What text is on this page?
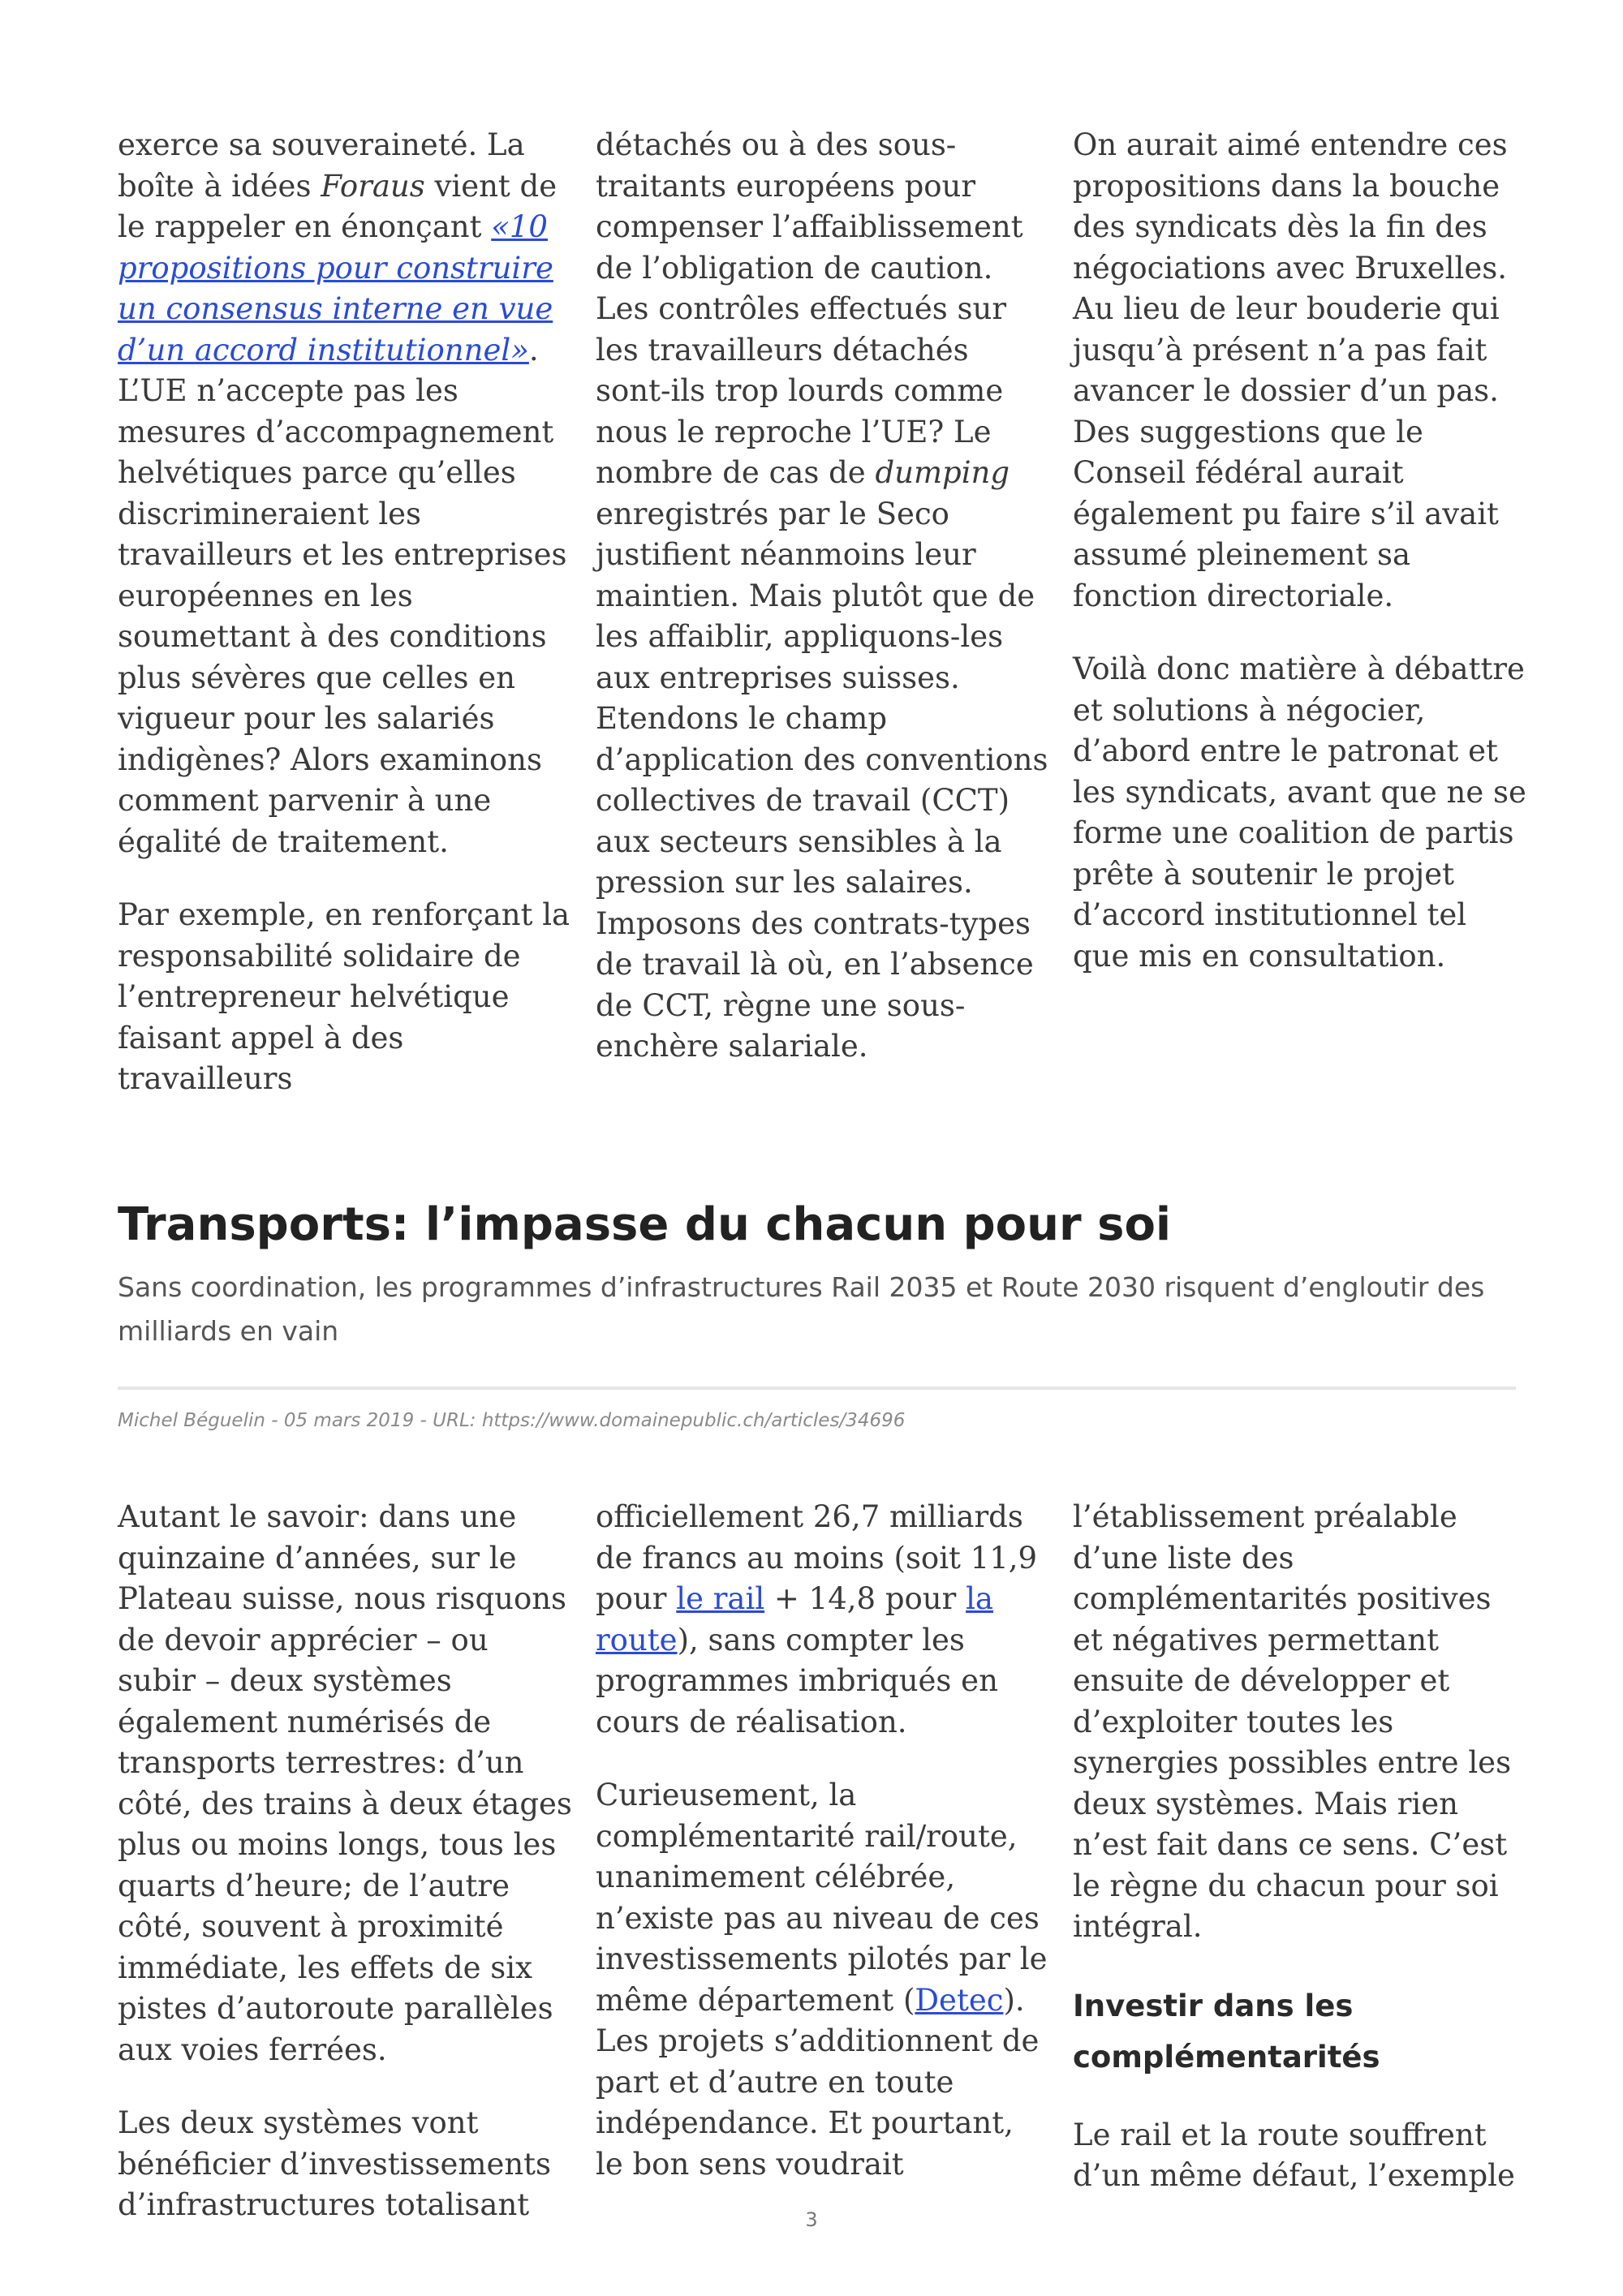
exerce sa souveraineté. La boîte à idées Foraus vient de le rappeler en énonçant «10 propositions pour construire un consensus interne en vue d’un accord institutionnel». L’UE n’accepte pas les mesures d’accompagnement helvétiques parce qu’elles discrimineraient les travailleurs et les entreprises européennes en les soumettant à des conditions plus sévères que celles en vigueur pour les salariés indigènes? Alors examinons comment parvenir à une égalité de traitement.

Par exemple, en renforçant la responsabilité solidaire de l’entrepreneur helvétique faisant appel à des travailleurs

détachés ou à des sous-traitants européens pour compenser l’affaiblissement de l’obligation de caution. Les contrôles effectués sur les travailleurs détachés sont-ils trop lourds comme nous le reproche l’UE? Le nombre de cas de dumping enregistrés par le Seco justifient néanmoins leur maintien. Mais plutôt que de les affaiblir, appliquons-les aux entreprises suisses. Etendons le champ d’application des conventions collectives de travail (CCT) aux secteurs sensibles à la pression sur les salaires. Imposons des contrats-types de travail là où, en l’absence de CCT, règne une sous-enchère salariale.

On aurait aimé entendre ces propositions dans la bouche des syndicats dès la fin des négociations avec Bruxelles. Au lieu de leur bouderie qui jusqu’à présent n’a pas fait avancer le dossier d’un pas. Des suggestions que le Conseil fédéral aurait également pu faire s’il avait assumé pleinement sa fonction directoriale.

Voilà donc matière à débattre et solutions à négocier, d’abord entre le patronat et les syndicats, avant que ne se forme une coalition de partis prête à soutenir le projet d’accord institutionnel tel que mis en consultation.

Transports: l’impasse du chacun pour soi
Sans coordination, les programmes d’infrastructures Rail 2035 et Route 2030 risquent d’engloutir des milliards en vain
Michel Béguelin - 05 mars 2019 - URL: https://www.domainepublic.ch/articles/34696

Autant le savoir: dans une quinzaine d’années, sur le Plateau suisse, nous risquons de devoir apprécier – ou subir – deux systèmes également numérisés de transports terrestres: d’un côté, des trains à deux étages plus ou moins longs, tous les quarts d’heure; de l’autre côté, souvent à proximité immédiate, les effets de six pistes d’autoroute parallèles aux voies ferrées.

Les deux systèmes vont bénéficier d’investissements d’infrastructures totalisant

officiellement 26,7 milliards de francs au moins (soit 11,9 pour le rail + 14,8 pour la route), sans compter les programmes imbriqués en cours de réalisation.

Curieusement, la complémentarité rail/route, unanimement célébrée, n’existe pas au niveau de ces investissements pilotés par le même département (Detec). Les projets s’additionnent de part et d’autre en toute indépendance. Et pourtant, le bon sens voudrait

l’établissement préalable d’une liste des complémentarités positives et négatives permettant ensuite de développer et d’exploiter toutes les synergies possibles entre les deux systèmes. Mais rien n’est fait dans ce sens. C’est le règne du chacun pour soi intégral.

Investir dans les complémentarités

Le rail et la route souffrent d’un même défaut, l’exemple

3
